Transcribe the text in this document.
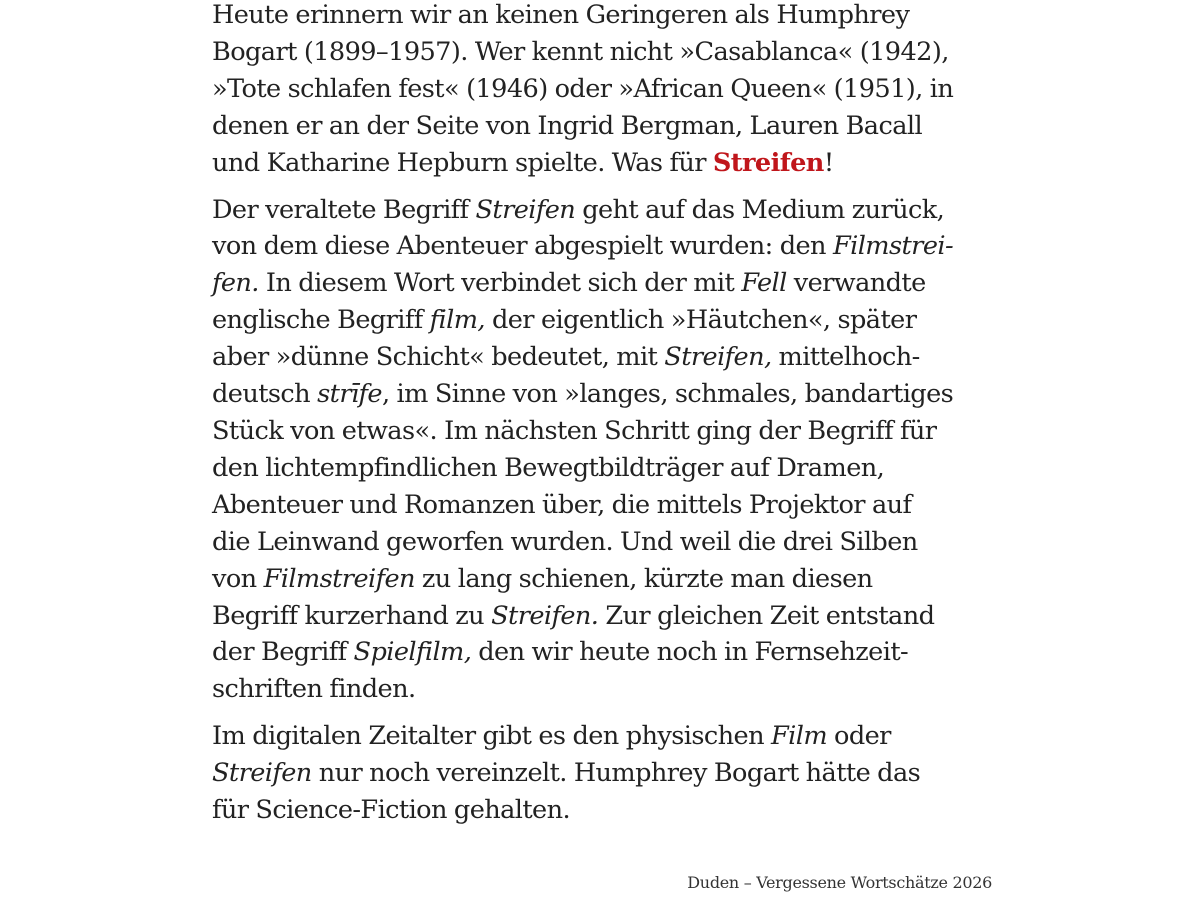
Heute erinnern wir an keinen Geringeren als Humphrey
Bogart (1899–1957). Wer kennt nicht »Casablanca« (1942),
»Tote schlafen fest« (1946) oder »African Queen« (1951), in
denen er an der Seite von Ingrid Bergman, Lauren Bacall
und Katharine Hepburn spielte. Was für Streifen!

Der veraltete Begriff Streifen geht auf das Medium zurück,
von dem diese Abenteuer abgespielt wurden: den Filmstrei-
fen. In diesem Wort verbindet sich der mit Fell verwandte
englische Begriff film, der eigentlich »Häutchen«, später
aber »dünne Schicht« bedeutet, mit Streifen, mittelhoch-
deutsch strīfe, im Sinne von »langes, schmales, bandartiges
Stück von etwas«. Im nächsten Schritt ging der Begriff für
den lichtempfindlichen Bewegtbildträger auf Dramen,
Abenteuer und Romanzen über, die mittels Projektor auf
die Leinwand geworfen wurden. Und weil die drei Silben
von Filmstreifen zu lang schienen, kürzte man diesen
Begriff kurzerhand zu Streifen. Zur gleichen Zeit entstand
der Begriff Spielfilm, den wir heute noch in Fernsehzeit-
schriften finden.

Im digitalen Zeitalter gibt es den physischen Film oder
Streifen nur noch vereinzelt. Humphrey Bogart hätte das
für Science-Fiction gehalten.

Duden – Vergessene Wortschätze 2026
